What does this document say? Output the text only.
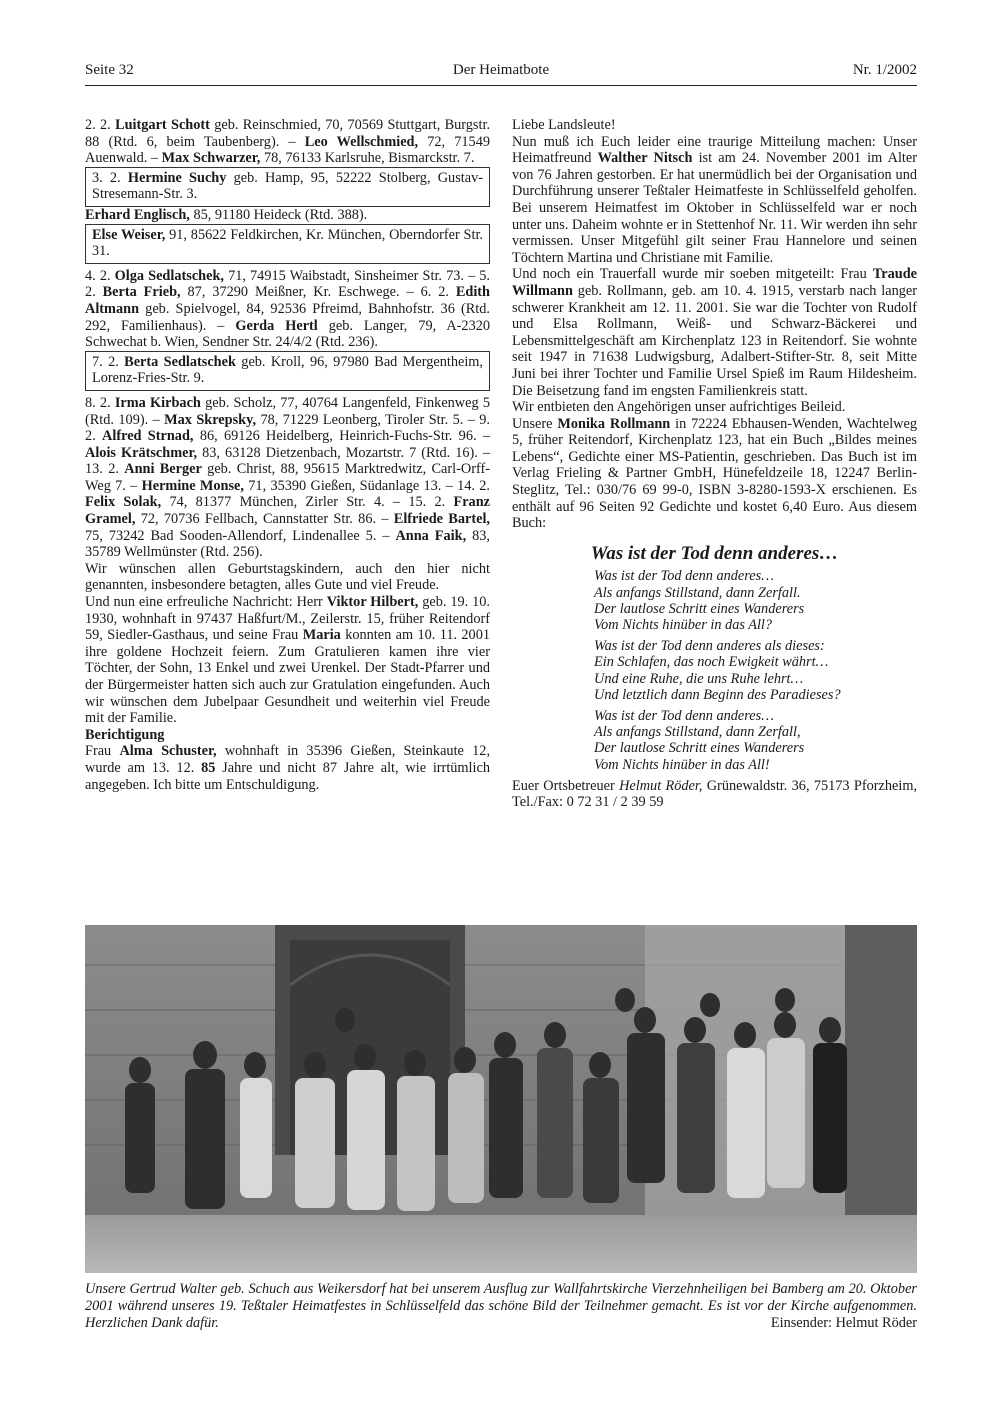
Seite 32	Der Heimatbote	Nr. 1/2002

2. 2. Luitgart Schott geb. Reinschmied, 70, 70569 Stuttgart, Burgstr. 88 (Rtd. 6, beim Taubenberg). – Leo Wellschmied, 72, 71549 Auenwald. – Max Schwarzer, 78, 76133 Karlsruhe, Bismarckstr. 7.

3. 2. Hermine Suchy geb. Hamp, 95, 52222 Stolberg, Gustav-Stresemann-Str. 3.

Erhard Englisch, 85, 91180 Heideck (Rtd. 388).

Else Weiser, 91, 85622 Feldkirchen, Kr. München, Oberndorfer Str. 31.

4. 2. Olga Sedlatschek, 71, 74915 Waibstadt, Sinsheimer Str. 73. – 5. 2. Berta Frieb, 87, 37290 Meißner, Kr. Eschwege. – 6. 2. Edith Altmann geb. Spielvogel, 84, 92536 Pfreimd, Bahnhofstr. 36 (Rtd. 292, Familienhaus). – Gerda Hertl geb. Langer, 79, A-2320 Schwechat b. Wien, Sendner Str. 24/4/2 (Rtd. 236).

7. 2. Berta Sedlatschek geb. Kroll, 96, 97980 Bad Mergentheim, Lorenz-Fries-Str. 9.

8. 2. Irma Kirbach geb. Scholz, 77, 40764 Langenfeld, Finkenweg 5 (Rtd. 109). – Max Skrepsky, 78, 71229 Leonberg, Tiroler Str. 5. – 9. 2. Alfred Strnad, 86, 69126 Heidelberg, Heinrich-Fuchs-Str. 96. – Alois Krätschmer, 83, 63128 Dietzenbach, Mozartstr. 7 (Rtd. 16). – 13. 2. Anni Berger geb. Christ, 88, 95615 Marktredwitz, Carl-Orff-Weg 7. – Hermine Monse, 71, 35390 Gießen, Südanlage 13. – 14. 2. Felix Solak, 74, 81377 München, Zirler Str. 4. – 15. 2. Franz Gramel, 72, 70736 Fellbach, Cannstatter Str. 86. – Elfriede Bartel, 75, 73242 Bad Sooden-Allendorf, Lindenallee 5. – Anna Faik, 83, 35789 Wellmünster (Rtd. 256).

Wir wünschen allen Geburtstagskindern, auch den hier nicht genannten, insbesondere betagten, alles Gute und viel Freude.

Und nun eine erfreuliche Nachricht: Herr Viktor Hilbert, geb. 19. 10. 1930, wohnhaft in 97437 Haßfurt/M., Zeilerstr. 15, früher Reitendorf 59, Siedler-Gasthaus, und seine Frau Maria konnten am 10. 11. 2001 ihre goldene Hochzeit feiern. Zum Gratulieren kamen ihre vier Töchter, der Sohn, 13 Enkel und zwei Urenkel. Der Stadt-Pfarrer und der Bürgermeister hatten sich auch zur Gratulation eingefunden. Auch wir wünschen dem Jubelpaar Gesundheit und weiterhin viel Freude mit der Familie.

Berichtigung

Frau Alma Schuster, wohnhaft in 35396 Gießen, Steinkaute 12, wurde am 13. 12. 85 Jahre und nicht 87 Jahre alt, wie irrtümlich angegeben. Ich bitte um Entschuldigung.

Liebe Landsleute!

Nun muß ich Euch leider eine traurige Mitteilung machen: Unser Heimatfreund Walther Nitsch ist am 24. November 2001 im Alter von 76 Jahren gestorben. Er hat unermüdlich bei der Organisation und Durchführung unserer Teßtaler Heimatfeste in Schlüsselfeld geholfen. Bei unserem Heimatfest im Oktober in Schlüsselfeld war er noch unter uns. Daheim wohnte er in Stettenhof Nr. 11. Wir werden ihn sehr vermissen. Unser Mitgefühl gilt seiner Frau Hannelore und seinen Töchtern Martina und Christiane mit Familie.

Und noch ein Trauerfall wurde mir soeben mitgeteilt: Frau Traude Willmann geb. Rollmann, geb. am 10. 4. 1915, verstarb nach langer schwerer Krankheit am 12. 11. 2001. Sie war die Tochter von Rudolf und Elsa Rollmann, Weiß- und Schwarz-Bäckerei und Lebensmittelgeschäft am Kirchenplatz 123 in Reitendorf. Sie wohnte seit 1947 in 71638 Ludwigsburg, Adalbert-Stifter-Str. 8, seit Mitte Juni bei ihrer Tochter und Familie Ursel Spieß im Raum Hildesheim. Die Beisetzung fand im engsten Familienkreis statt.

Wir entbieten den Angehörigen unser aufrichtiges Beileid.

Unsere Monika Rollmann in 72224 Ebhausen-Wenden, Wachtelweg 5, früher Reitendorf, Kirchenplatz 123, hat ein Buch „Bildes meines Lebens“, Gedichte einer MS-Patientin, geschrieben. Das Buch ist im Verlag Frieling & Partner GmbH, Hünefeldzeile 18, 12247 Berlin-Steglitz, Tel.: 030/76 69 99-0, ISBN 3-8280-1593-X erschienen. Es enthält auf 96 Seiten 92 Gedichte und kostet 6,40 Euro. Aus diesem Buch:

Was ist der Tod denn anderes…
Was ist der Tod denn anderes…
Als anfangs Stillstand, dann Zerfall.
Der lautlose Schritt eines Wanderers
Vom Nichts hinüber in das All?
Was ist der Tod denn anderes als dieses:
Ein Schlafen, das noch Ewigkeit währt…
Und eine Ruhe, die uns Ruhe lehrt…
Und letztlich dann Beginn des Paradieses?
Was ist der Tod denn anderes…
Als anfangs Stillstand, dann Zerfall,
Der lautlose Schritt eines Wanderers
Vom Nichts hinüber in das All!

Euer Ortsbetreuer Helmut Röder, Grünewaldstr. 36, 75173 Pforzheim, Tel./Fax: 0 72 31 / 2 39 59

Unsere Gertrud Walter geb. Schuch aus Weikersdorf hat bei unserem Ausflug zur Wallfahrtskirche Vierzehnheiligen bei Bamberg am 20. Oktober 2001 während unseres 19. Teßtaler Heimatfestes in Schlüsselfeld das schöne Bild der Teilnehmer gemacht. Es ist vor der Kirche aufgenommen. Herzlichen Dank dafür.	Einsender: Helmut Röder
